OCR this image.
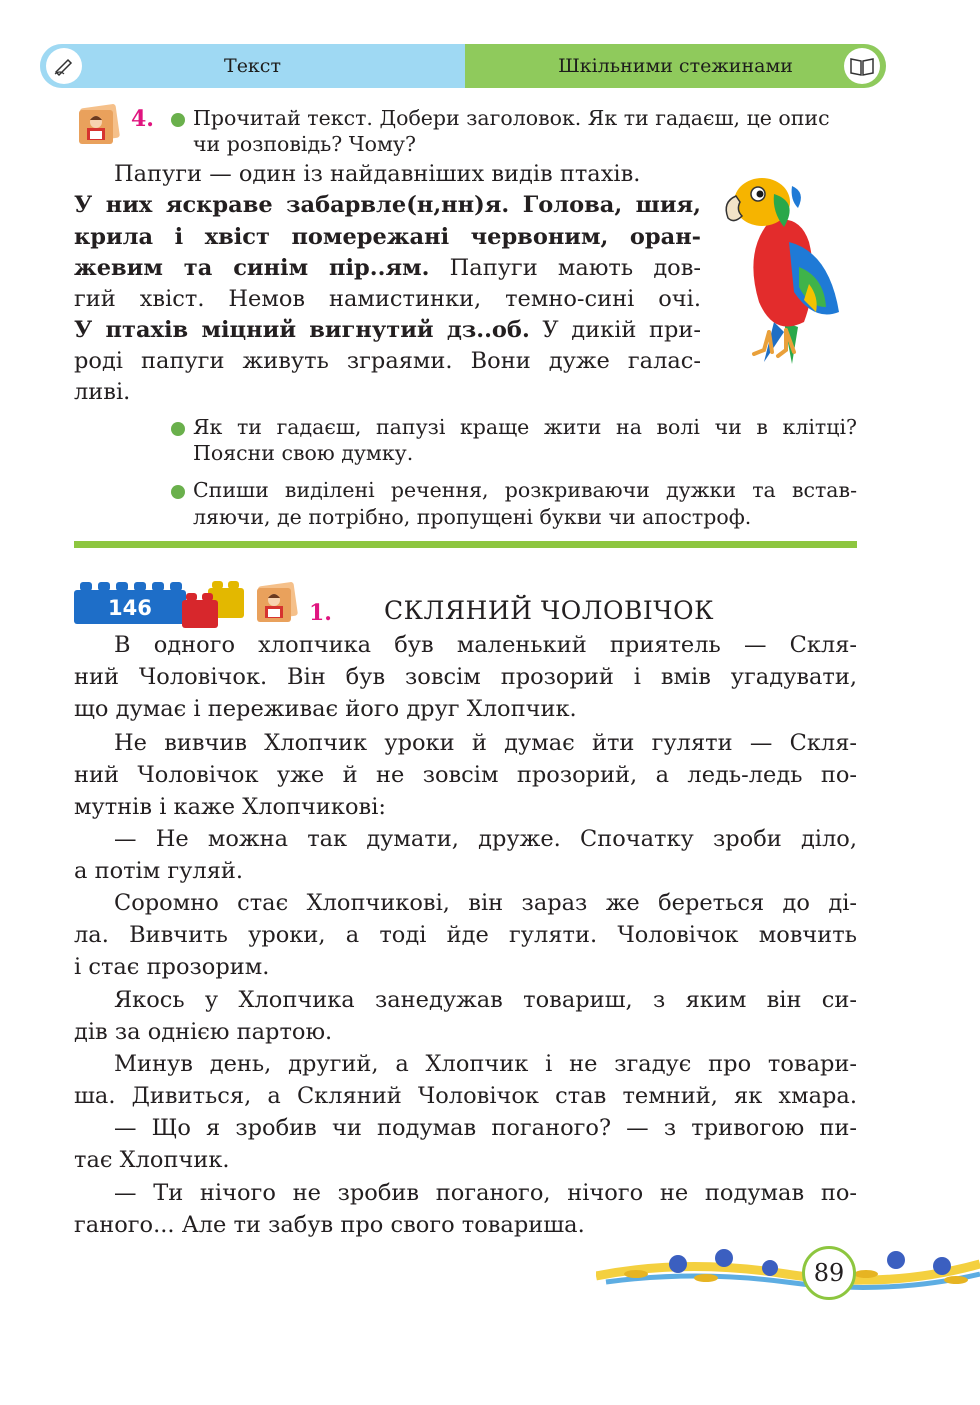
Текст	Шкільними стежинами
4. Прочитай текст. Добери заголовок. Як ти гадаєш, це опис
чи розповідь? Чому?
Папуги — один із найдавніших видів птахів.
У них яскраве забарвле(н,нн)я. Голова, шия,
крила і хвіст помережані червоним, оран-
жевим та синім пір..ям. Папуги мають дов-
гий хвіст. Немов намистинки, темно-сині очі.
У птахів міцний вигнутий дз..об. У дикій при-
роді папуги живуть зграями. Вони дуже галас-
ливі.
Як ти гадаєш, папузі краще жити на волі чи в клітці?
Поясни свою думку.
Спиши виділені речення, розкриваючи дужки та встав-
ляючи, де потрібно, пропущені букви чи апостроф.
146	1. СКЛЯНИЙ ЧОЛОВІЧОК
В одного хлопчика був маленький приятель — Скля-
ний Чоловічок. Він був зовсім прозорий і вмів угадувати,
що думає і переживає його друг Хлопчик.
Не вивчив Хлопчик уроки й думає йти гуляти — Скля-
ний Чоловічок уже й не зовсім прозорий, а ледь-ледь по-
мутнів і каже Хлопчикові:
— Не можна так думати, друже. Спочатку зроби діло,
а потім гуляй.
Соромно стає Хлопчикові, він зараз же береться до ді-
ла. Вивчить уроки, а тоді йде гуляти. Чоловічок мовчить
і стає прозорим.
Якось у Хлопчика занедужав товариш, з яким він си-
дів за однією партою.
Минув день, другий, а Хлопчик і не згадує про товари-
ша. Дивиться, а Скляний Чоловічок став темний, як хмара.
— Що я зробив чи подумав поганого? — з тривогою пи-
тає Хлопчик.
— Ти нічого не зробив поганого, нічого не подумав по-
ганого... Але ти забув про свого товариша.
89
